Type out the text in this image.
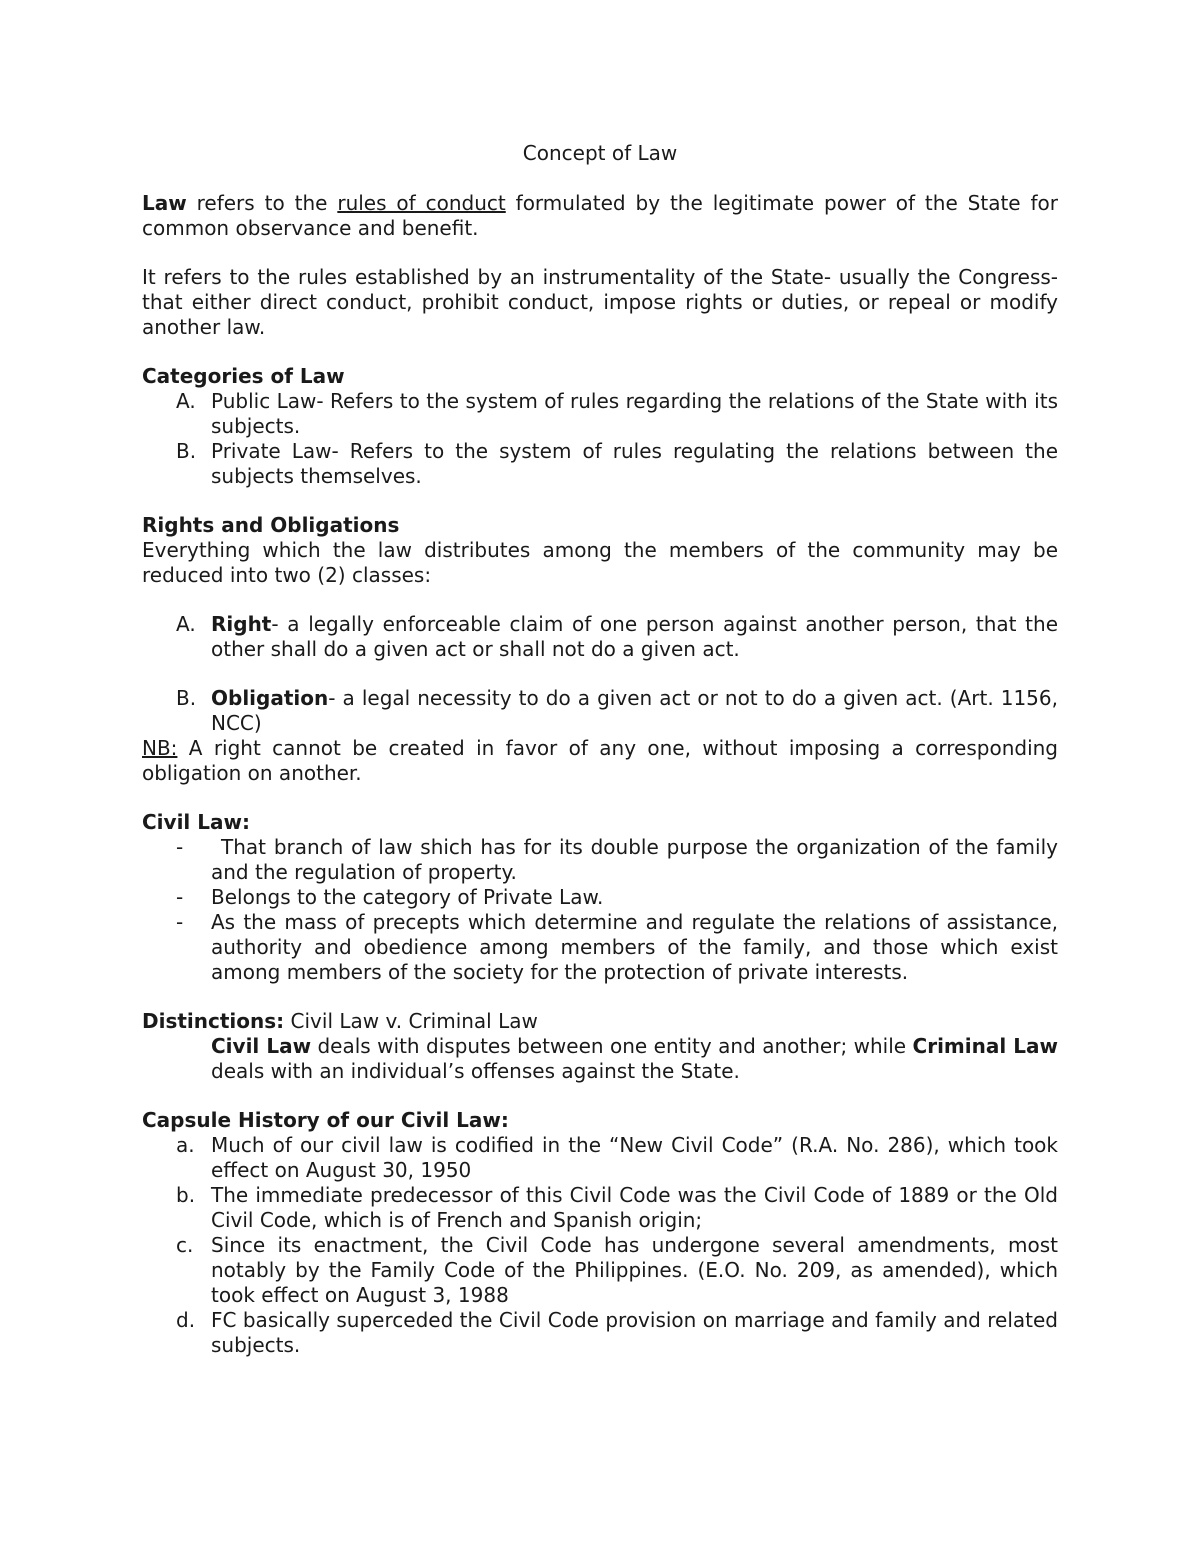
Concept of Law

Law refers to the rules of conduct formulated by the legitimate power of the State for common observance and benefit.

It refers to the rules established by an instrumentality of the State- usually the Congress- that either direct conduct, prohibit conduct, impose rights or duties, or repeal or modify another law.

Categories of Law

A. Public Law- Refers to the system of rules regarding the relations of the State with its subjects.
B. Private Law- Refers to the system of rules regulating the relations between the subjects themselves.

Rights and Obligations

Everything which the law distributes among the members of the community may be reduced into two (2) classes:

A. Right- a legally enforceable claim of one person against another person, that the other shall do a given act or shall not do a given act.
B. Obligation- a legal necessity to do a given act or not to do a given act. (Art. 1156, NCC)

NB: A right cannot be created in favor of any one, without imposing a corresponding obligation on another.

Civil Law:

- That branch of law shich has for its double purpose the organization of the family and the regulation of property.
- Belongs to the category of Private Law.
- As the mass of precepts which determine and regulate the relations of assistance, authority and obedience among members of the family, and those which exist among members of the society for the protection of private interests.

Distinctions: Civil Law v. Criminal Law

Civil Law deals with disputes between one entity and another; while Criminal Law deals with an individual’s offenses against the State.

Capsule History of our Civil Law:

a. Much of our civil law is codified in the “New Civil Code” (R.A. No. 286), which took effect on August 30, 1950
b. The immediate predecessor of this Civil Code was the Civil Code of 1889 or the Old Civil Code, which is of French and Spanish origin;
c. Since its enactment, the Civil Code has undergone several amendments, most notably by the Family Code of the Philippines. (E.O. No. 209, as amended), which took effect on August 3, 1988
d. FC basically superceded the Civil Code provision on marriage and family and related subjects.
